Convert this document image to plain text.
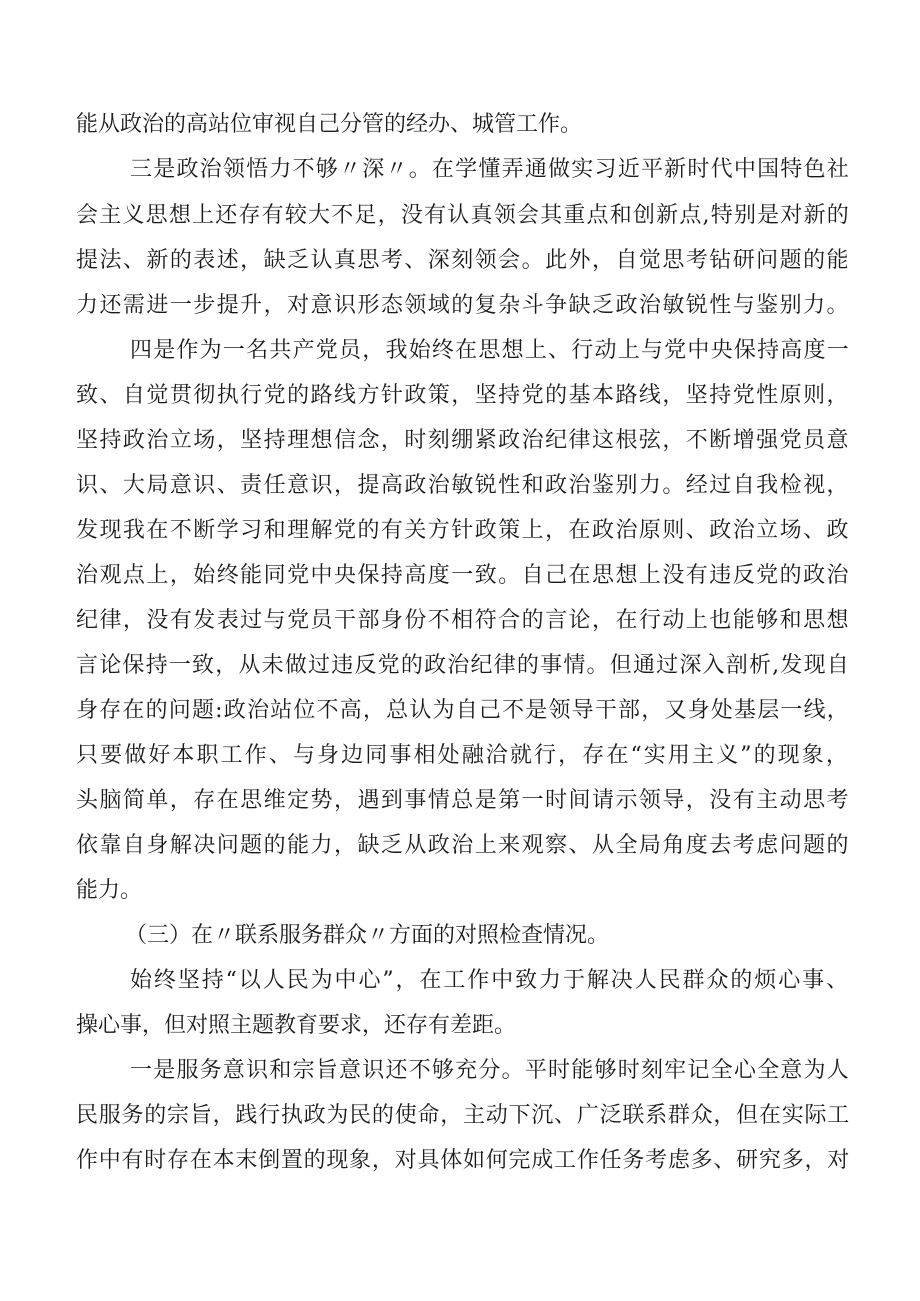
能从政治的高站位审视自己分管的经办、城管工作。
三是政治领悟力不够〃深〃。在学懂弄通做实习近平新时代中国特色社
会主义思想上还存有较大不足，没有认真领会其重点和创新点,特别是对新的
提法、新的表述，缺乏认真思考、深刻领会。此外，自觉思考钻研问题的能
力还需进一步提升，对意识形态领域的复杂斗争缺乏政治敏锐性与鉴别力。
四是作为一名共产党员，我始终在思想上、行动上与党中央保持高度一
致、自觉贯彻执行党的路线方针政策，坚持党的基本路线，坚持党性原则，
坚持政治立场，坚持理想信念，时刻绷紧政治纪律这根弦，不断增强党员意
识、大局意识、责任意识，提高政治敏锐性和政治鉴别力。经过自我检视，
发现我在不断学习和理解党的有关方针政策上，在政治原则、政治立场、政
治观点上，始终能同党中央保持高度一致。自己在思想上没有违反党的政治
纪律，没有发表过与党员干部身份不相符合的言论，在行动上也能够和思想
言论保持一致，从未做过违反党的政治纪律的事情。但通过深入剖析,发现自
身存在的问题:政治站位不高，总认为自己不是领导干部，又身处基层一线，
只要做好本职工作、与身边同事相处融洽就行，存在“实用主义”的现象，
头脑简单，存在思维定势，遇到事情总是第一时间请示领导，没有主动思考
依靠自身解决问题的能力，缺乏从政治上来观察、从全局角度去考虑问题的
能力。
（三）在〃联系服务群众〃方面的对照检查情况。
始终坚持“以人民为中心”，在工作中致力于解决人民群众的烦心事、
操心事，但对照主题教育要求，还存有差距。
一是服务意识和宗旨意识还不够充分。平时能够时刻牢记全心全意为人
民服务的宗旨，践行执政为民的使命，主动下沉、广泛联系群众，但在实际工
作中有时存在本末倒置的现象，对具体如何完成工作任务考虑多、研究多，对
